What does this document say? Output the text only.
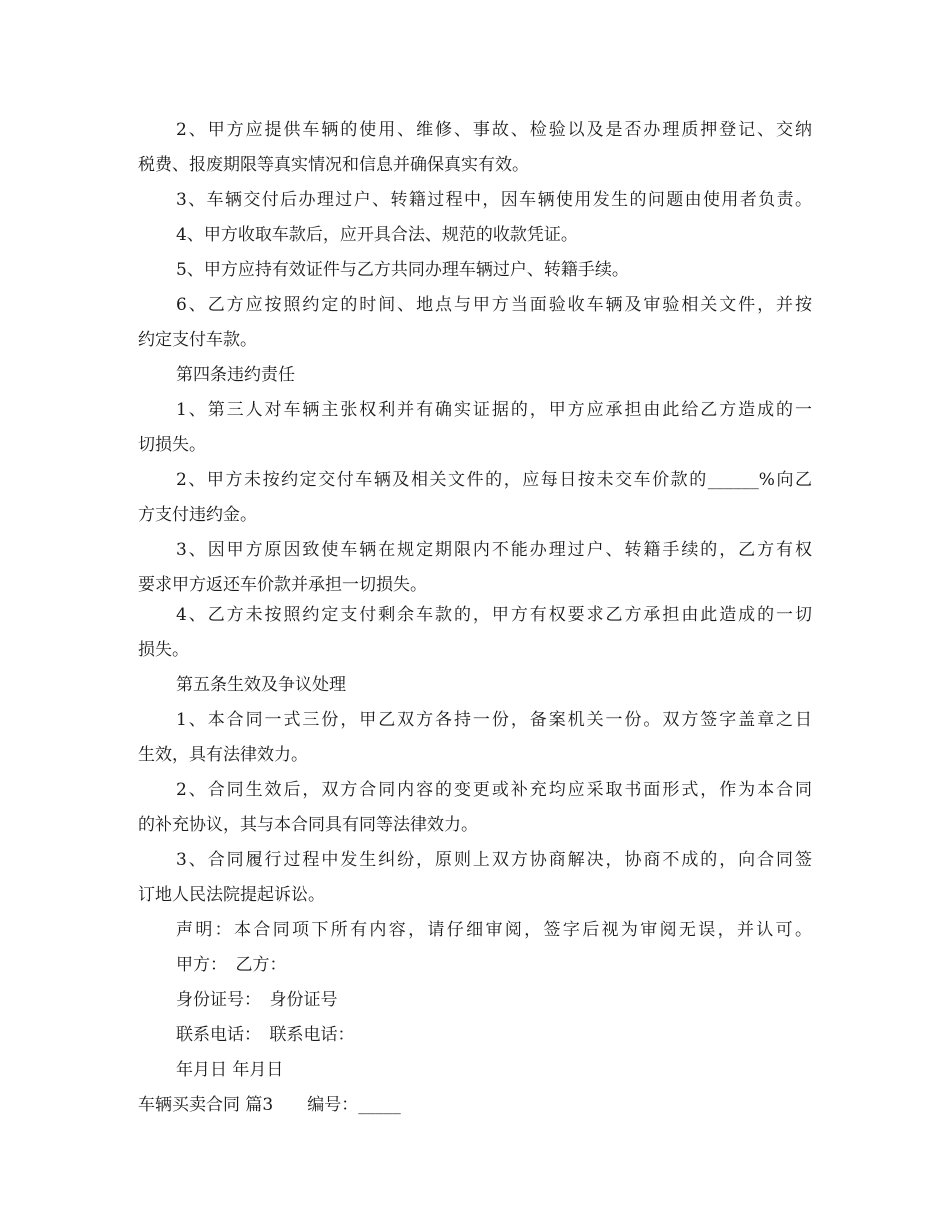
2、甲方应提供车辆的使用、维修、事故、检验以及是否办理质押登记、交纳
税费、报废期限等真实情况和信息并确保真实有效。
3、车辆交付后办理过户、转籍过程中，因车辆使用发生的问题由使用者负责。
4、甲方收取车款后，应开具合法、规范的收款凭证。
5、甲方应持有效证件与乙方共同办理车辆过户、转籍手续。
6、乙方应按照约定的时间、地点与甲方当面验收车辆及审验相关文件，并按
约定支付车款。
第四条违约责任
1、第三人对车辆主张权利并有确实证据的，甲方应承担由此给乙方造成的一
切损失。
2、甲方未按约定交付车辆及相关文件的，应每日按未交车价款的______%向乙
方支付违约金。
3、因甲方原因致使车辆在规定期限内不能办理过户、转籍手续的，乙方有权
要求甲方返还车价款并承担一切损失。
4、乙方未按照约定支付剩余车款的，甲方有权要求乙方承担由此造成的一切
损失。
第五条生效及争议处理
1、本合同一式三份，甲乙双方各持一份，备案机关一份。双方签字盖章之日
生效，具有法律效力。
2、合同生效后，双方合同内容的变更或补充均应采取书面形式，作为本合同
的补充协议，其与本合同具有同等法律效力。
3、合同履行过程中发生纠纷，原则上双方协商解决，协商不成的，向合同签
订地人民法院提起诉讼。
声明：本合同项下所有内容，请仔细审阅，签字后视为审阅无误，并认可。
甲方：　乙方：
身份证号：　身份证号
联系电话：　联系电话：
年月日 年月日
车辆买卖合同 篇3　　编号：_____
